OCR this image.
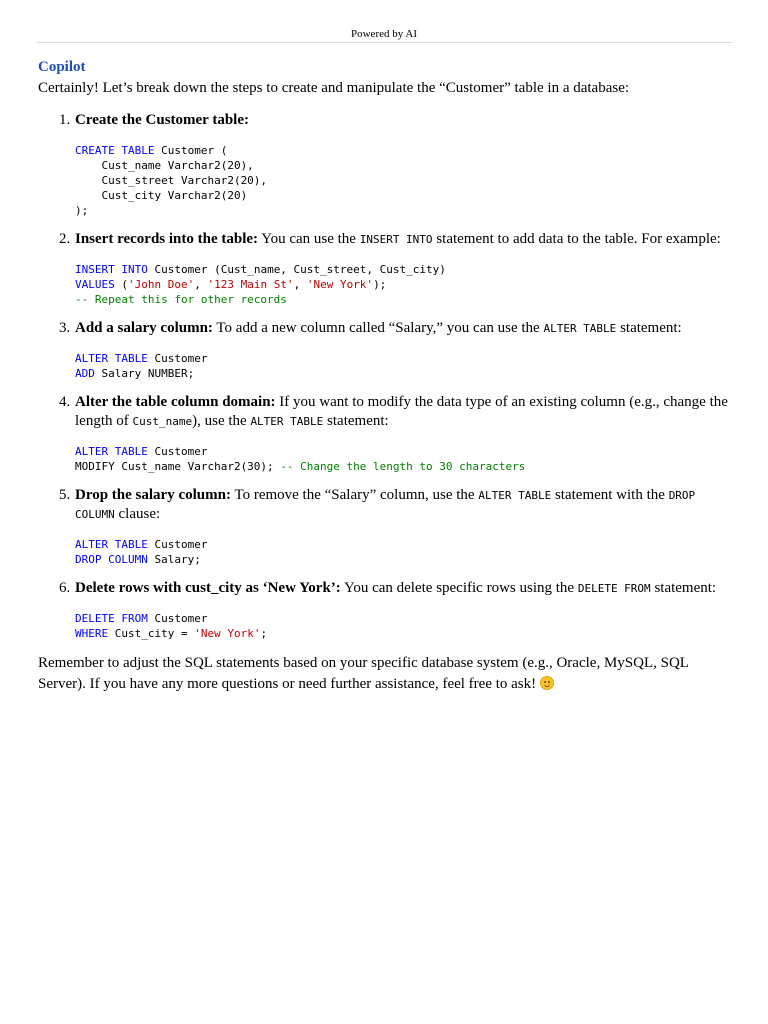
Powered by AI
Copilot

Certainly! Let’s break down the steps to create and manipulate the “Customer” table in a database:

1. Create the Customer table:
CREATE TABLE Customer (
Cust_name Varchar2(20),
Cust_street Varchar2(20),
Cust_city Varchar2(20)
);
2. Insert records into the table: You can use the INSERT INTO statement to add data to the table. For example:
INSERT INTO Customer (Cust_name, Cust_street, Cust_city)
VALUES ('John Doe', '123 Main St', 'New York');
-- Repeat this for other records
3. Add a salary column: To add a new column called “Salary,” you can use the ALTER TABLE statement:
ALTER TABLE Customer
ADD Salary NUMBER;
4. Alter the table column domain: If you want to modify the data type of an existing column (e.g., change the length of Cust_name), use the ALTER TABLE statement:
ALTER TABLE Customer
MODIFY Cust_name Varchar2(30); -- Change the length to 30 characters
5. Drop the salary column: To remove the “Salary” column, use the ALTER TABLE statement with the DROP COLUMN clause:
ALTER TABLE Customer
DROP COLUMN Salary;
6. Delete rows with cust_city as ‘New York’: You can delete specific rows using the DELETE FROM statement:
DELETE FROM Customer
WHERE Cust_city = 'New York';

Remember to adjust the SQL statements based on your specific database system (e.g., Oracle, MySQL, SQL Server). If you have any more questions or need further assistance, feel free to ask!
